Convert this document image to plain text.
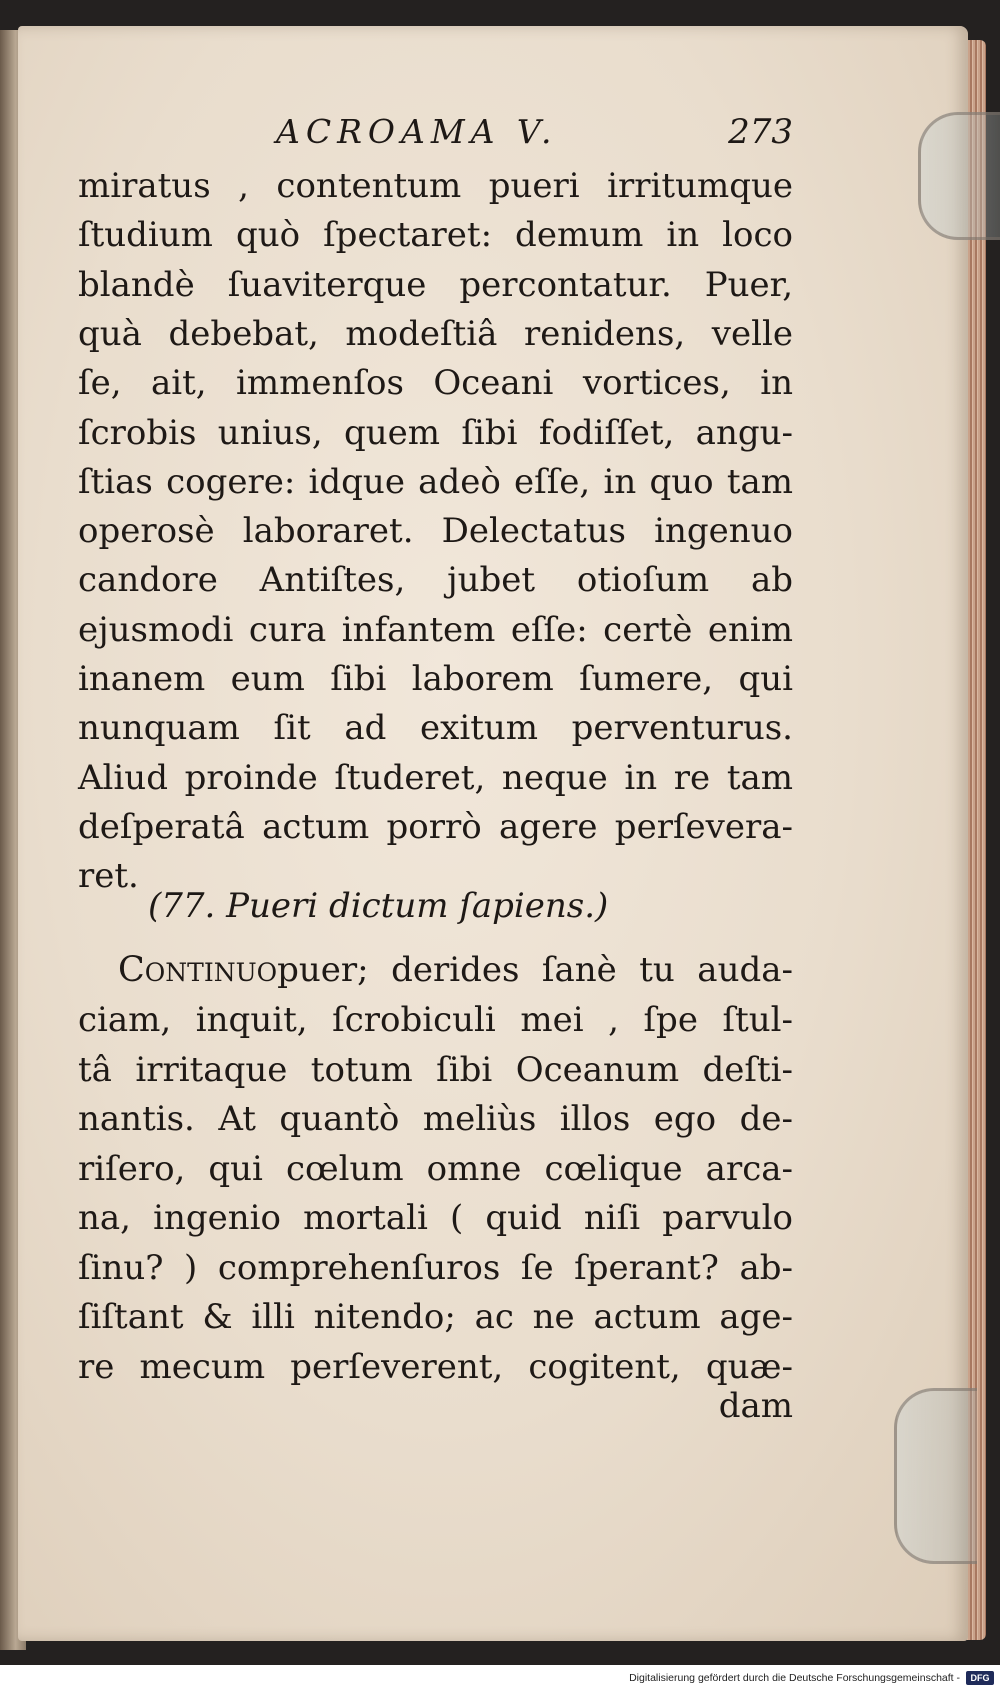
ACROAMA V.	273
miratus , contentum pueri irritumque
ſtudium quò ſpectaret: demum in loco
blandè ſuaviterque percontatur. Puer,
quà debebat, modeſtiâ renidens, velle
ſe, ait, immenſos Oceani vortices, in
ſcrobis unius, quem ſibi fodiſſet, angu-
ſtias cogere: idque adeò eſſe, in quo tam
operosè laboraret. Delectatus ingenuo
candore Antiſtes, jubet otioſum ab
ejusmodi cura infantem eſſe: certè enim
inanem eum ſibi laborem ſumere, qui
nunquam ſit ad exitum perventurus.
Aliud proinde ſtuderet, neque in re tam
deſperatâ actum porrò agere perſevera-
ret.
(77. Pueri dictum ſapiens.)
Continuopuer; derides ſanè tu auda-
ciam, inquit, ſcrobiculi mei , ſpe ſtul-
tâ irritaque totum ſibi Oceanum deſti-
nantis. At quantò meliùs illos ego de-
riſero, qui cœlum omne cœlique arca-
na, ingenio mortali ( quid niſi parvulo
ſinu? ) comprehenſuros ſe ſperant? ab-
ſiſtant & illi nitendo; ac ne actum age-
re mecum perſeverent, cogitent, quæ-
dam
Digitalisierung gefördert durch die Deutsche Forschungsgemeinschaft -	DFG
